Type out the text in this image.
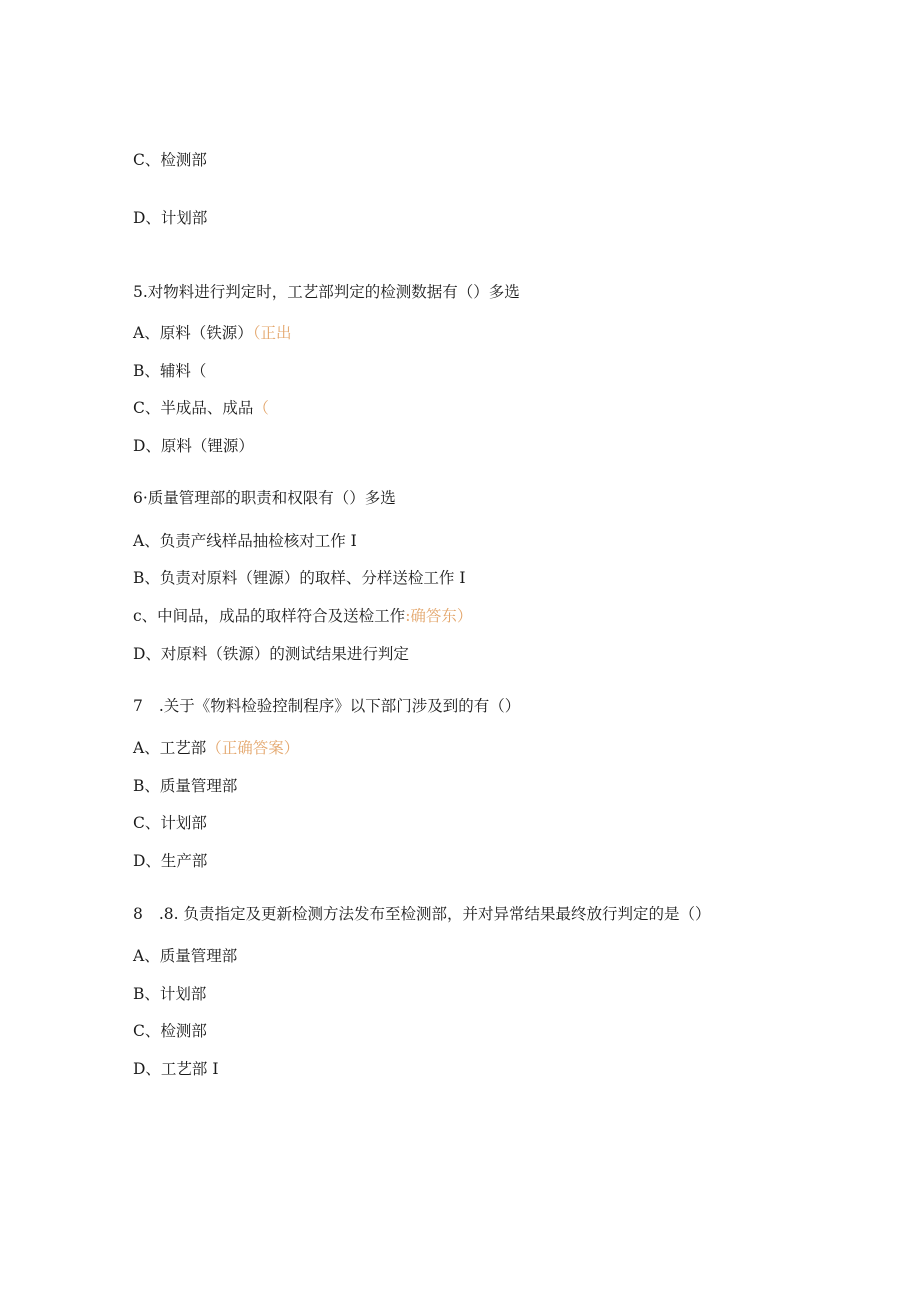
C、检测部
D、计划部
5.对物料进行判定时，工艺部判定的检测数据有（）多选
A、原料（铁源）（正出
B、辅料（
C、半成品、成品（
D、原料（锂源）
6·质量管理部的职责和权限有（）多选
A、负责产线样品抽检核对工作 I
B、负责对原料（锂源）的取样、分样送检工作 I
c、中间品，成品的取样符合及送检工作:确答东）
D、对原料（铁源）的测试结果进行判定
7 .关于《物料检验控制程序》以下部门涉及到的有（）
A、工艺部（正确答案）
B、质量管理部
C、计划部
D、生产部
8 .8. 负责指定及更新检测方法发布至检测部，并对异常结果最终放行判定的是（）
A、质量管理部
B、计划部
C、检测部
D、工艺部 I
